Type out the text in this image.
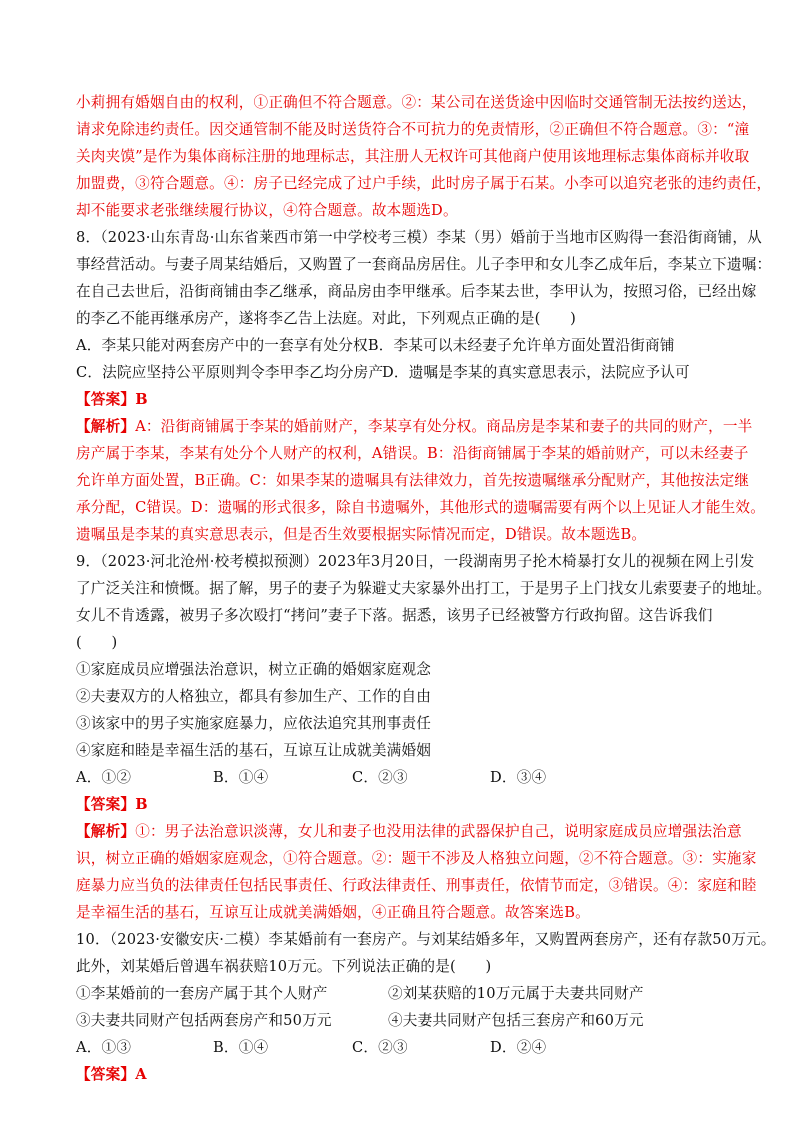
小莉拥有婚姻自由的权利，①正确但不符合题意。②：某公司在送货途中因临时交通管制无法按约送达，
请求免除违约责任。因交通管制不能及时送货符合不可抗力的免责情形，②正确但不符合题意。③：“潼
关肉夹馍”是作为集体商标注册的地理标志，其注册人无权许可其他商户使用该地理标志集体商标并收取
加盟费，③符合题意。④：房子已经完成了过户手续，此时房子属于石某。小李可以追究老张的违约责任，
却不能要求老张继续履行协议，④符合题意。故本题选D。
8．（2023·山东青岛·山东省莱西市第一中学校考三模）李某（男）婚前于当地市区购得一套沿街商铺，从
事经营活动。与妻子周某结婚后，又购置了一套商品房居住。儿子李甲和女儿李乙成年后，李某立下遗嘱：
在自己去世后，沿街商铺由李乙继承，商品房由李甲继承。后李某去世，李甲认为，按照习俗，已经出嫁
的李乙不能再继承房产，遂将李乙告上法庭。对此，下列观点正确的是(　　)
A．李某只能对两套房产中的一套享有处分权B．李某可以未经妻子允许单方面处置沿街商铺
C．法院应坚持公平原则判令李甲李乙均分房产
D．遗嘱是李某的真实意思表示，法院应予认可
【答案】B
【解析】A：沿街商铺属于李某的婚前财产，李某享有处分权。商品房是李某和妻子的共同的财产，一半
房产属于李某，李某有处分个人财产的权利，A错误。B：沿街商铺属于李某的婚前财产，可以未经妻子
允许单方面处置，B正确。C：如果李某的遗嘱具有法律效力，首先按遗嘱继承分配财产，其他按法定继
承分配，C错误。D：遗嘱的形式很多，除自书遗嘱外，其他形式的遗嘱需要有两个以上见证人才能生效。
遗嘱虽是李某的真实意思表示，但是否生效要根据实际情况而定，D错误。故本题选B。
9．（2023·河北沧州·校考模拟预测）2023年3月20日，一段湖南男子抡木椅暴打女儿的视频在网上引发
了广泛关注和愤慨。据了解，男子的妻子为躲避丈夫家暴外出打工，于是男子上门找女儿索要妻子的地址。
女儿不肯透露，被男子多次殴打“拷问”妻子下落。据悉，该男子已经被警方行政拘留。这告诉我们
(　　)
①家庭成员应增强法治意识，树立正确的婚姻家庭观念
②夫妻双方的人格独立，都具有参加生产、工作的自由
③该家中的男子实施家庭暴力，应依法追究其刑事责任
④家庭和睦是幸福生活的基石，互谅互让成就美满婚姻
A．①②	B．①④	C．②③	D．③④
【答案】B
【解析】①：男子法治意识淡薄，女儿和妻子也没用法律的武器保护自己，说明家庭成员应增强法治意
识，树立正确的婚姻家庭观念，①符合题意。②：题干不涉及人格独立问题，②不符合题意。③：实施家
庭暴力应当负的法律责任包括民事责任、行政法律责任、刑事责任，依情节而定，③错误。④：家庭和睦
是幸福生活的基石，互谅互让成就美满婚姻，④正确且符合题意。故答案选B。
10．（2023·安徽安庆·二模）李某婚前有一套房产。与刘某结婚多年，又购置两套房产，还有存款50万元。
此外，刘某婚后曾遇车祸获赔10万元。下列说法正确的是(　　)
①李某婚前的一套房产属于其个人财产	②刘某获赔的10万元属于夫妻共同财产
③夫妻共同财产包括两套房产和50万元	④夫妻共同财产包括三套房产和60万元
A．①③	B．①④	C．②③	D．②④
【答案】A
